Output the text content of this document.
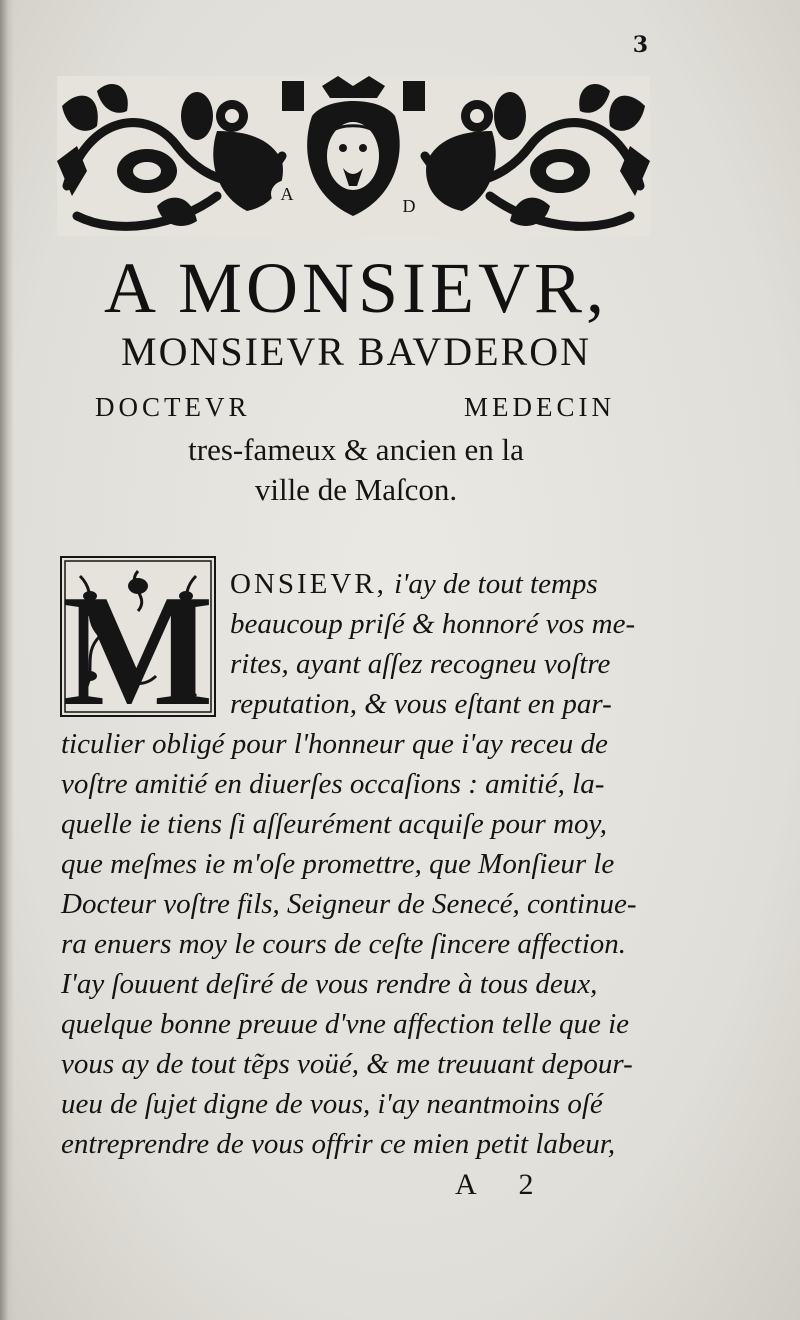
3
A
D
A MONSIEVR,
MONSIEVR BAVDERON
DOCTEVR	MEDECIN
tres-fameux & ancien en la
ville de Maſcon.
M ONSIEVR, i'ay de tout temps
beaucoup priſé & honnoré vos me-
rites, ayant aſſez recogneu voſtre
reputation, & vous eſtant en par-
ticulier obligé pour l'honneur que i'ay receu de
voſtre amitié en diuerſes occaſions : amitié, la-
quelle ie tiens ſi aſſeurément acquiſe pour moy,
que meſmes ie m'oſe promettre, que Monſieur le
Docteur voſtre fils, Seigneur de Senecé, continue-
ra enuers moy le cours de ceſte ſincere affection.
I'ay ſouuent deſiré de vous rendre à tous deux,
quelque bonne preuue d'vne affection telle que ie
vous ay de tout tẽps voüé, & me treuuant depour-
ueu de ſujet digne de vous, i'ay neantmoins oſé
entreprendre de vous offrir ce mien petit labeur,
A 2
